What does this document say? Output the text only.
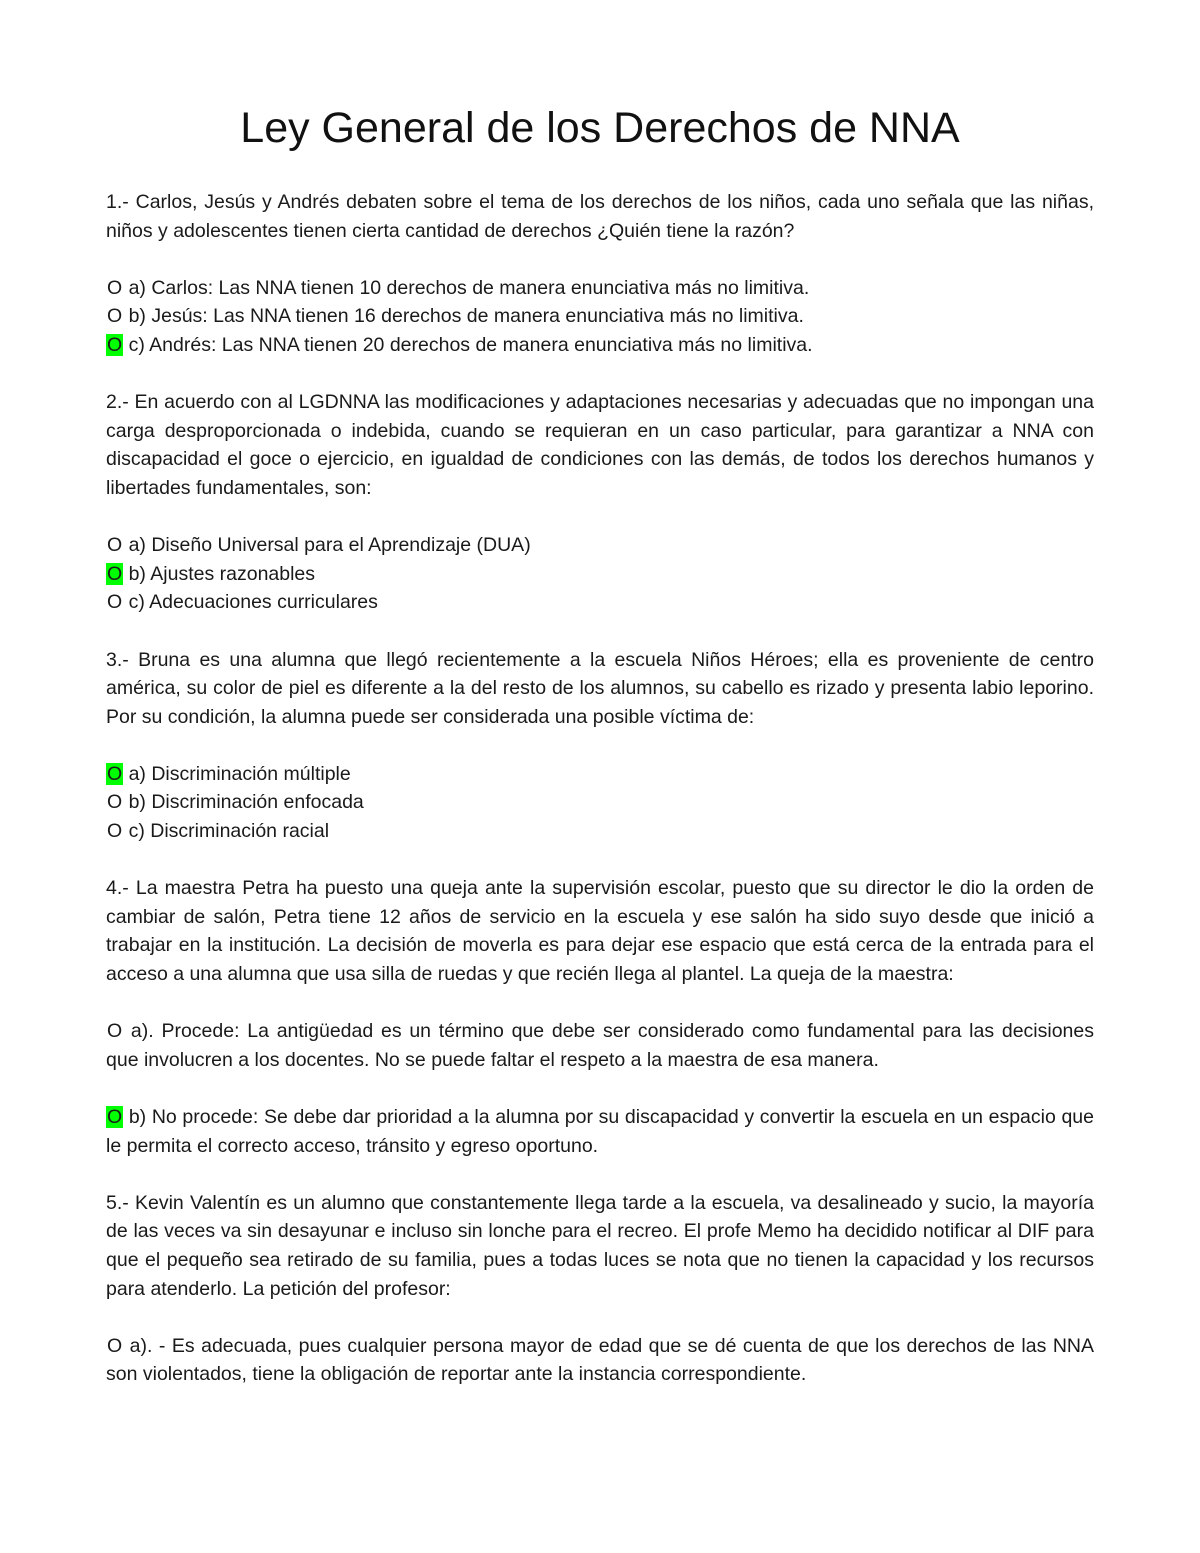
Ley General de los Derechos de NNA

1.- Carlos, Jesús y Andrés debaten sobre el tema de los derechos de los niños, cada uno señala que las niñas, niños y adolescentes tienen cierta cantidad de derechos ¿Quién tiene la razón?

O a) Carlos: Las NNA tienen 10 derechos de manera enunciativa más no limitiva.

O b) Jesús: Las NNA tienen 16 derechos de manera enunciativa más no limitiva.

O c) Andrés: Las NNA tienen 20 derechos de manera enunciativa más no limitiva.

2.- En acuerdo con al LGDNNA las modificaciones y adaptaciones necesarias y adecuadas que no impongan una carga desproporcionada o indebida, cuando se requieran en un caso particular, para garantizar a NNA con discapacidad el goce o ejercicio, en igualdad de condiciones con las demás, de todos los derechos humanos y libertades fundamentales, son:

O a) Diseño Universal para el Aprendizaje (DUA)

O b) Ajustes razonables

O c) Adecuaciones curriculares

3.- Bruna es una alumna que llegó recientemente a la escuela Niños Héroes; ella es proveniente de centro américa, su color de piel es diferente a la del resto de los alumnos, su cabello es rizado y presenta labio leporino. Por su condición, la alumna puede ser considerada una posible víctima de:

O a) Discriminación múltiple

O b) Discriminación enfocada

O c) Discriminación racial

4.- La maestra Petra ha puesto una queja ante la supervisión escolar, puesto que su director le dio la orden de cambiar de salón, Petra tiene 12 años de servicio en la escuela y ese salón ha sido suyo desde que inició a trabajar en la institución. La decisión de moverla es para dejar ese espacio que está cerca de la entrada para el acceso a una alumna que usa silla de ruedas y que recién llega al plantel. La queja de la maestra:

O a). Procede: La antigüedad es un término que debe ser considerado como fundamental para las decisiones que involucren a los docentes. No se puede faltar el respeto a la maestra de esa manera.

O b) No procede: Se debe dar prioridad a la alumna por su discapacidad y convertir la escuela en un espacio que le permita el correcto acceso, tránsito y egreso oportuno.

5.- Kevin Valentín es un alumno que constantemente llega tarde a la escuela, va desalineado y sucio, la mayoría de las veces va sin desayunar e incluso sin lonche para el recreo. El profe Memo ha decidido notificar al DIF para que el pequeño sea retirado de su familia, pues a todas luces se nota que no tienen la capacidad y los recursos para atenderlo. La petición del profesor:

O a). - Es adecuada, pues cualquier persona mayor de edad que se dé cuenta de que los derechos de las NNA son violentados, tiene la obligación de reportar ante la instancia correspondiente.
